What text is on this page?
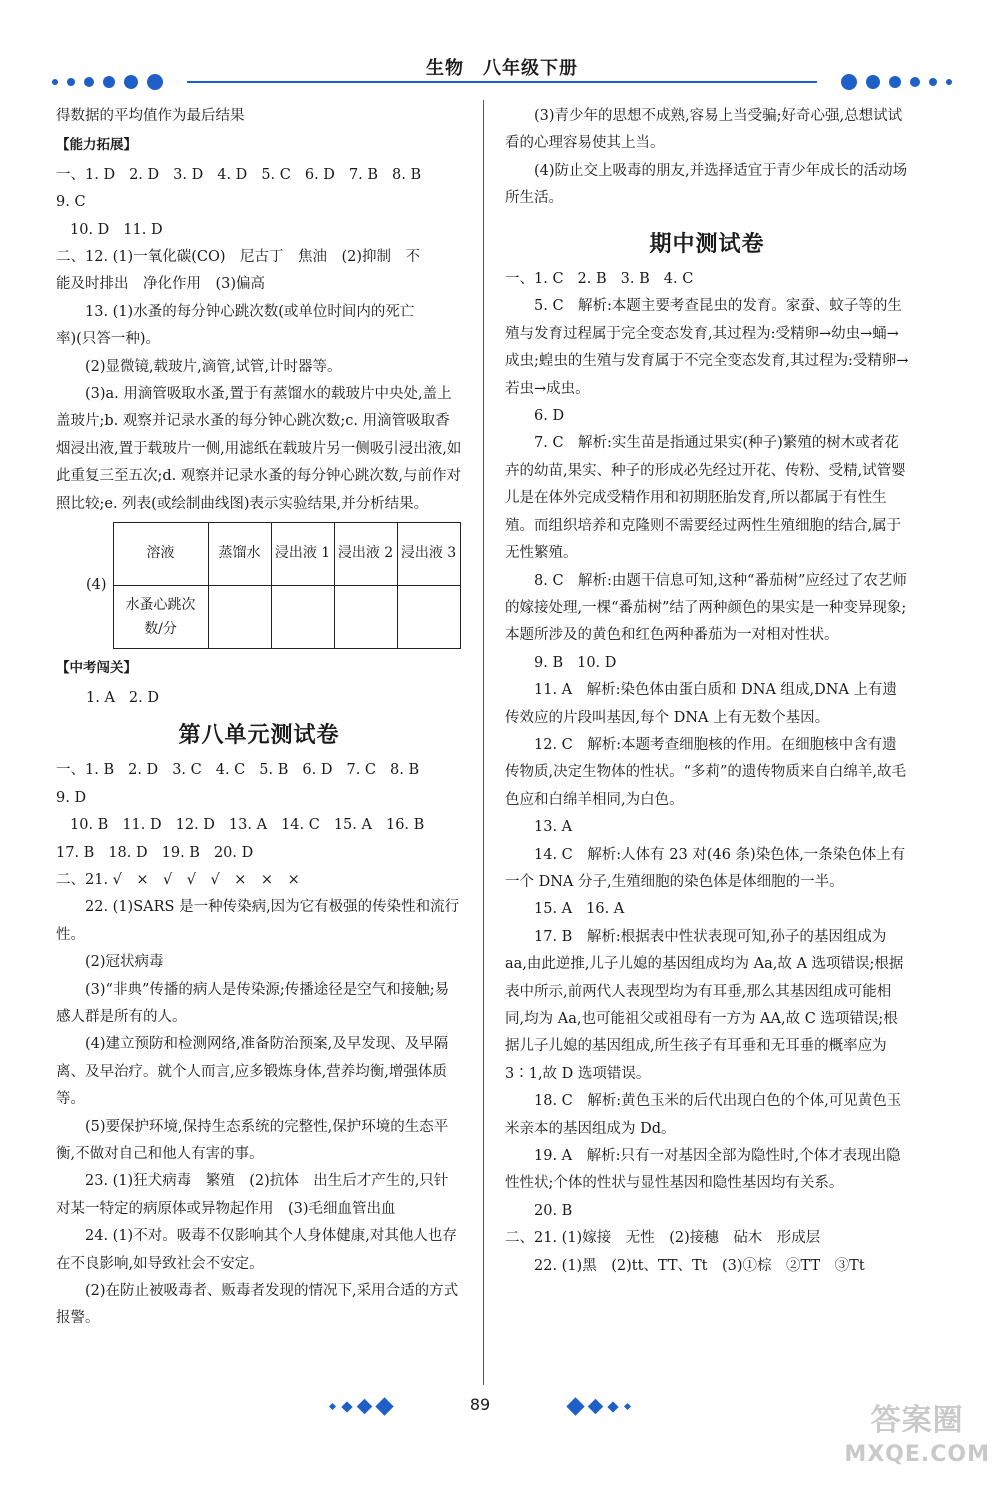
生物　八年级下册

得数据的平均值作为最后结果

【能力拓展】
一、1. D 2. D 3. D 4. D 5. C 6. D 7. B 8. B
9. C
10. D 11. D

二、12. (1)一氧化碳(CO)　尼古丁　焦油　(2)抑制　不

能及时排出　净化作用　(3)偏高

13. (1)水蚤的每分钟心跳次数(或单位时间内的死亡

率)(只答一种)。

(2)显微镜,载玻片,滴管,试管,计时器等。

(3)a. 用滴管吸取水蚤,置于有蒸馏水的载玻片中央处,盖上盖玻片;b. 观察并记录水蚤的每分钟心跳次数;c. 用滴管吸取香烟浸出液,置于载玻片一侧,用滤纸在载玻片另一侧吸引浸出液,如此重复三至五次;d. 观察并记录水蚤的每分钟心跳次数,与前作对照比较;e. 列表(或绘制曲线图)表示实验结果,并分析结果。

(4)
溶液	蒸馏水	浸出液 1	浸出液 2	浸出液 3
水蚤心跳次数/分				
【中考闯关】
1. A 2. D
第八单元测试卷
一、1. B 2. D 3. C 4. C 5. B 6. D 7. C 8. B
9. D
10. B 11. D 12. D 13. A 14. C 15. A 16. B
17. B 18. D 19. B 20. D

二、21. √　×　√　√　√　×　×　×

22. (1)SARS 是一种传染病,因为它有极强的传染性和流行性。

(2)冠状病毒

(3)“非典”传播的病人是传染源;传播途径是空气和接触;易感人群是所有的人。

(4)建立预防和检测网络,准备防治预案,及早发现、及早隔离、及早治疗。就个人而言,应多锻炼身体,营养均衡,增强体质等。

(5)要保护环境,保持生态系统的完整性,保护环境的生态平衡,不做对自己和他人有害的事。

23. (1)狂犬病毒　繁殖　(2)抗体　出生后才产生的,只针对某一特定的病原体或异物起作用　(3)毛细血管出血

24. (1)不对。吸毒不仅影响其个人身体健康,对其他人也存在不良影响,如导致社会不安定。

(2)在防止被吸毒者、贩毒者发现的情况下,采用合适的方式报警。

(3)青少年的思想不成熟,容易上当受骗;好奇心强,总想试试看的心理容易使其上当。

(4)防止交上吸毒的朋友,并选择适宜于青少年成长的活动场所生活。

期中测试卷
一、1. C 2. B 3. B 4. C

5. C　解析:本题主要考查昆虫的发育。家蚕、蚊子等的生殖与发育过程属于完全变态发育,其过程为:受精卵→幼虫→蛹→成虫;蝗虫的生殖与发育属于不完全变态发育,其过程为:受精卵→若虫→成虫。

6. D

7. C　解析:实生苗是指通过果实(种子)繁殖的树木或者花卉的幼苗,果实、种子的形成必先经过开花、传粉、受精,试管婴儿是在体外完成受精作用和初期胚胎发育,所以都属于有性生殖。而组织培养和克隆则不需要经过两性生殖细胞的结合,属于无性繁殖。

8. C　解析:由题干信息可知,这种“番茄树”应经过了农艺师的嫁接处理,一棵“番茄树”结了两种颜色的果实是一种变异现象;本题所涉及的黄色和红色两种番茄为一对相对性状。

9. B 10. D

11. A　解析:染色体由蛋白质和 DNA 组成,DNA 上有遗传效应的片段叫基因,每个 DNA 上有无数个基因。

12. C　解析:本题考查细胞核的作用。在细胞核中含有遗传物质,决定生物体的性状。“多莉”的遗传物质来自白绵羊,故毛色应和白绵羊相同,为白色。

13. A

14. C　解析:人体有 23 对(46 条)染色体,一条染色体上有一个 DNA 分子,生殖细胞的染色体是体细胞的一半。

15. A 16. A

17. B　解析:根据表中性状表现可知,孙子的基因组成为 aa,由此逆推,儿子儿媳的基因组成均为 Aa,故 A 选项错误;根据表中所示,前两代人表现型均为有耳垂,那么其基因组成可能相同,均为 Aa,也可能祖父或祖母有一方为 AA,故 C 选项错误;根据儿子儿媳的基因组成,所生孩子有耳垂和无耳垂的概率应为 3∶1,故 D 选项错误。

18. C　解析:黄色玉米的后代出现白色的个体,可见黄色玉米亲本的基因组成为 Dd。

19. A　解析:只有一对基因全部为隐性时,个体才表现出隐性性状;个体的性状与显性基因和隐性基因均有关系。

20. B

二、21. (1)嫁接　无性　(2)接穗　砧木　形成层

22. (1)黑　(2)tt、TT、Tt　(3)①棕　②TT　③Tt

89	答案圈
MXQE.COM
